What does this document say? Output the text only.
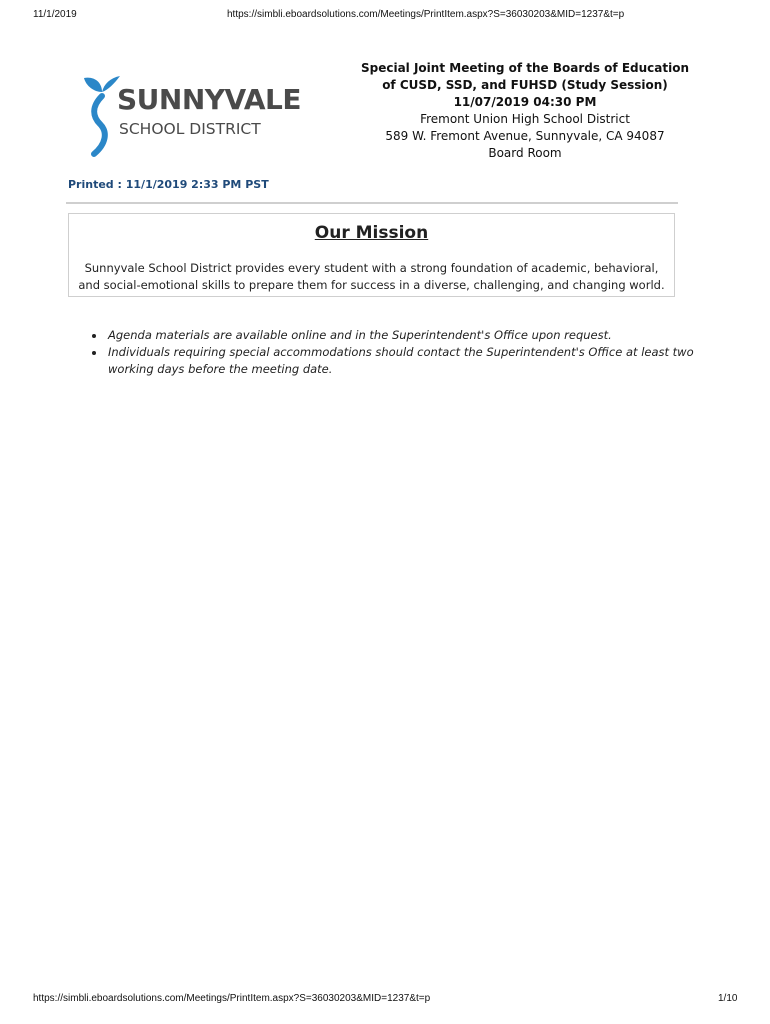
11/1/2019	https://simbli.eboardsolutions.com/Meetings/PrintItem.aspx?S=36030203&MID=1237&t=p
SUNNYVALE
SCHOOL DISTRICT
Special Joint Meeting of the Boards of Education
of CUSD, SSD, and FUHSD (Study Session)
11/07/2019 04:30 PM
Fremont Union High School District
589 W. Fremont Avenue, Sunnyvale, CA 94087
Board Room
Printed : 11/1/2019 2:33 PM PST
Our Mission
Sunnyvale School District provides every student with a strong foundation of academic, behavioral,
and social-emotional skills to prepare them for success in a diverse, challenging, and changing world.
• Agenda materials are available online and in the Superintendent's Office upon request.
• Individuals requiring special accommodations should contact the Superintendent's Office at least two working days before the meeting date.
https://simbli.eboardsolutions.com/Meetings/PrintItem.aspx?S=36030203&MID=1237&t=p	1/10
